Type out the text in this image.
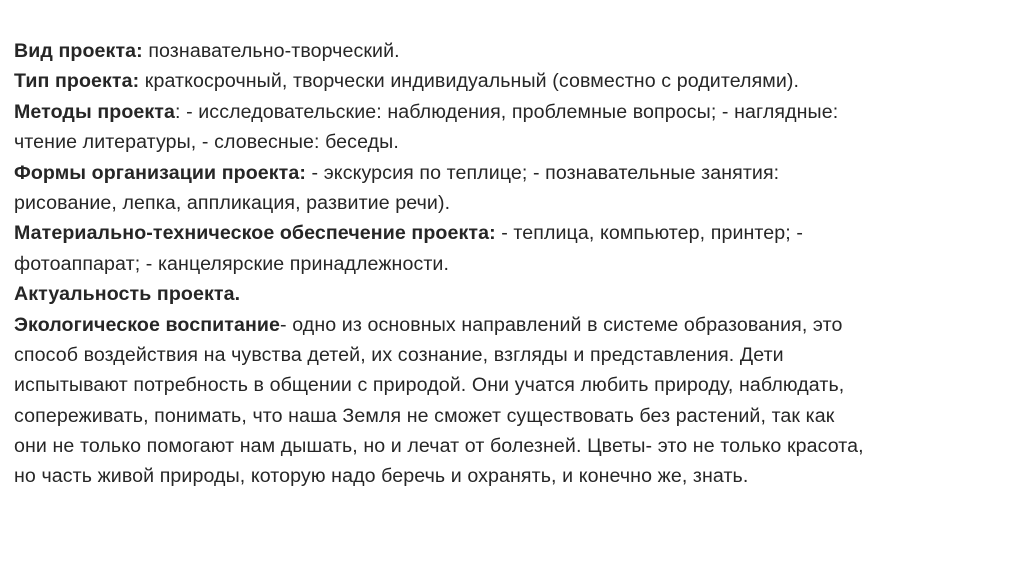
Вид проекта: познавательно-творческий.
Тип проекта: краткосрочный, творчески индивидуальный (совместно с родителями).
Методы проекта: - исследовательские: наблюдения, проблемные вопросы; - наглядные:
чтение литературы, - словесные: беседы.
Формы организации проекта: - экскурсия по теплице; - познавательные занятия:
рисование, лепка, аппликация, развитие речи).
Материально-техническое обеспечение проекта: - теплица, компьютер, принтер; -
фотоаппарат; - канцелярские принадлежности.
Актуальность проекта.
Экологическое воспитание- одно из основных направлений в системе образования, это
способ воздействия на чувства детей, их сознание, взгляды и представления. Дети
испытывают потребность в общении с природой. Они учатся любить природу, наблюдать,
сопереживать, понимать, что наша Земля не сможет существовать без растений, так как
они не только помогают нам дышать, но и лечат от болезней. Цветы- это не только красота,
но часть живой природы, которую надо беречь и охранять, и конечно же, знать.
